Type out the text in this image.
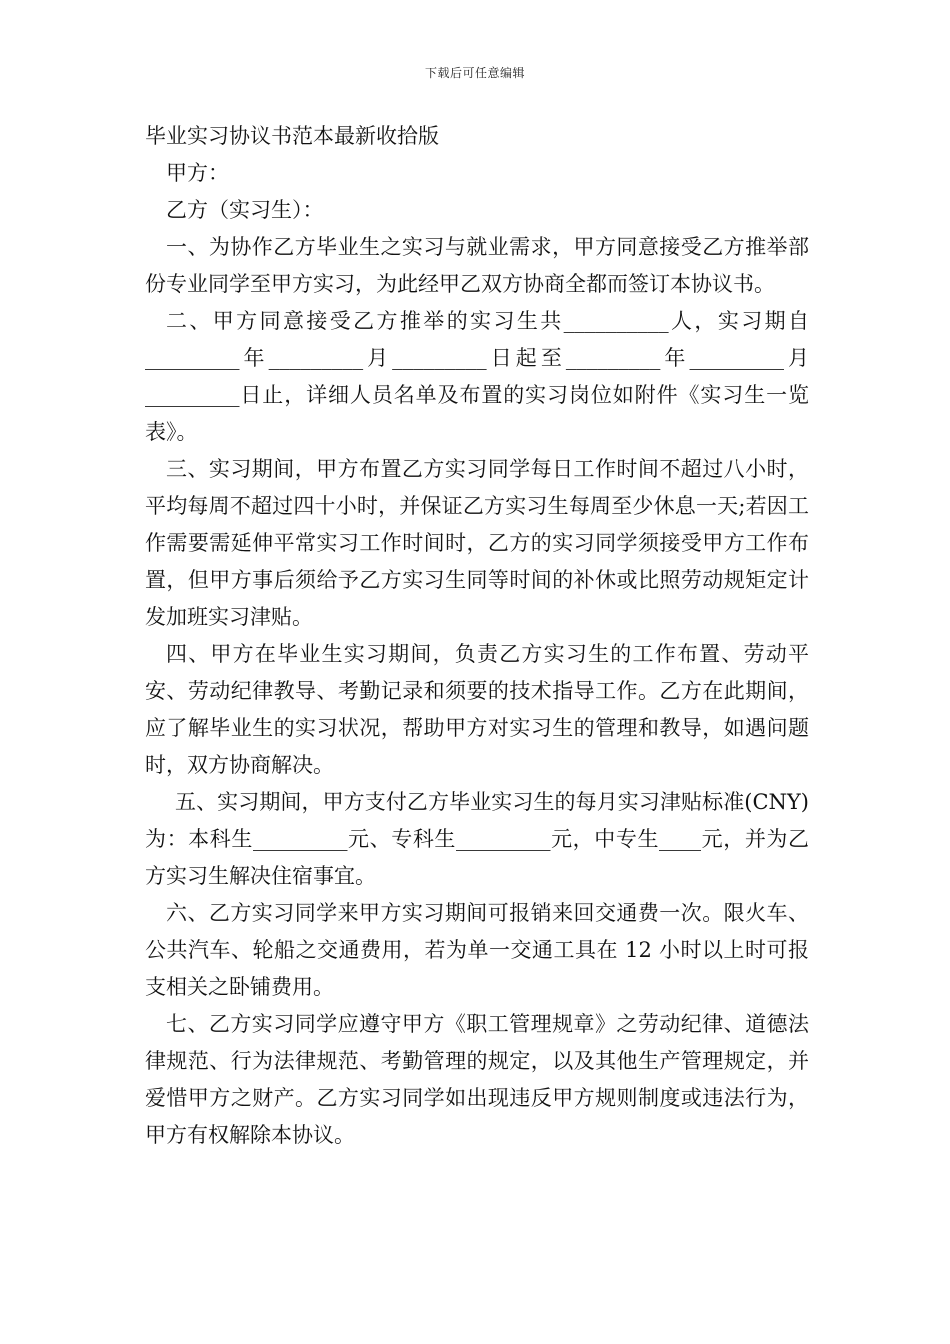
下载后可任意编辑
毕业实习协议书范本最新收拾版

甲方：

乙方（实习生）：

一、为协作乙方毕业生之实习与就业需求，甲方同意接受乙方推举部份专业同学至甲方实习，为此经甲乙双方协商全都而签订本协议书。

二、甲方同意接受乙方推举的实习生共__________人，实习期自_________年_________月_________日起至_________年_________月_________日止，详细人员名单及布置的实习岗位如附件《实习生一览表》。

三、实习期间，甲方布置乙方实习同学每日工作时间不超过八小时，平均每周不超过四十小时，并保证乙方实习生每周至少休息一天;若因工作需要需延伸平常实习工作时间时，乙方的实习同学须接受甲方工作布置，但甲方事后须给予乙方实习生同等时间的补休或比照劳动规矩定计发加班实习津贴。

四、甲方在毕业生实习期间，负责乙方实习生的工作布置、劳动平安、劳动纪律教导、考勤记录和须要的技术指导工作。乙方在此期间，应了解毕业生的实习状况，帮助甲方对实习生的管理和教导，如遇问题时，双方协商解决。

五、实习期间，甲方支付乙方毕业实习生的每月实习津贴标准(CNY)为：本科生_________元、专科生_________元，中专生____元，并为乙方实习生解决住宿事宜。

六、乙方实习同学来甲方实习期间可报销来回交通费一次。限火车、公共汽车、轮船之交通费用，若为单一交通工具在 12 小时以上时可报支相关之卧铺费用。

七、乙方实习同学应遵守甲方《职工管理规章》之劳动纪律、道德法律规范、行为法律规范、考勤管理的规定，以及其他生产管理规定，并爱惜甲方之财产。乙方实习同学如出现违反甲方规则制度或违法行为，甲方有权解除本协议。
